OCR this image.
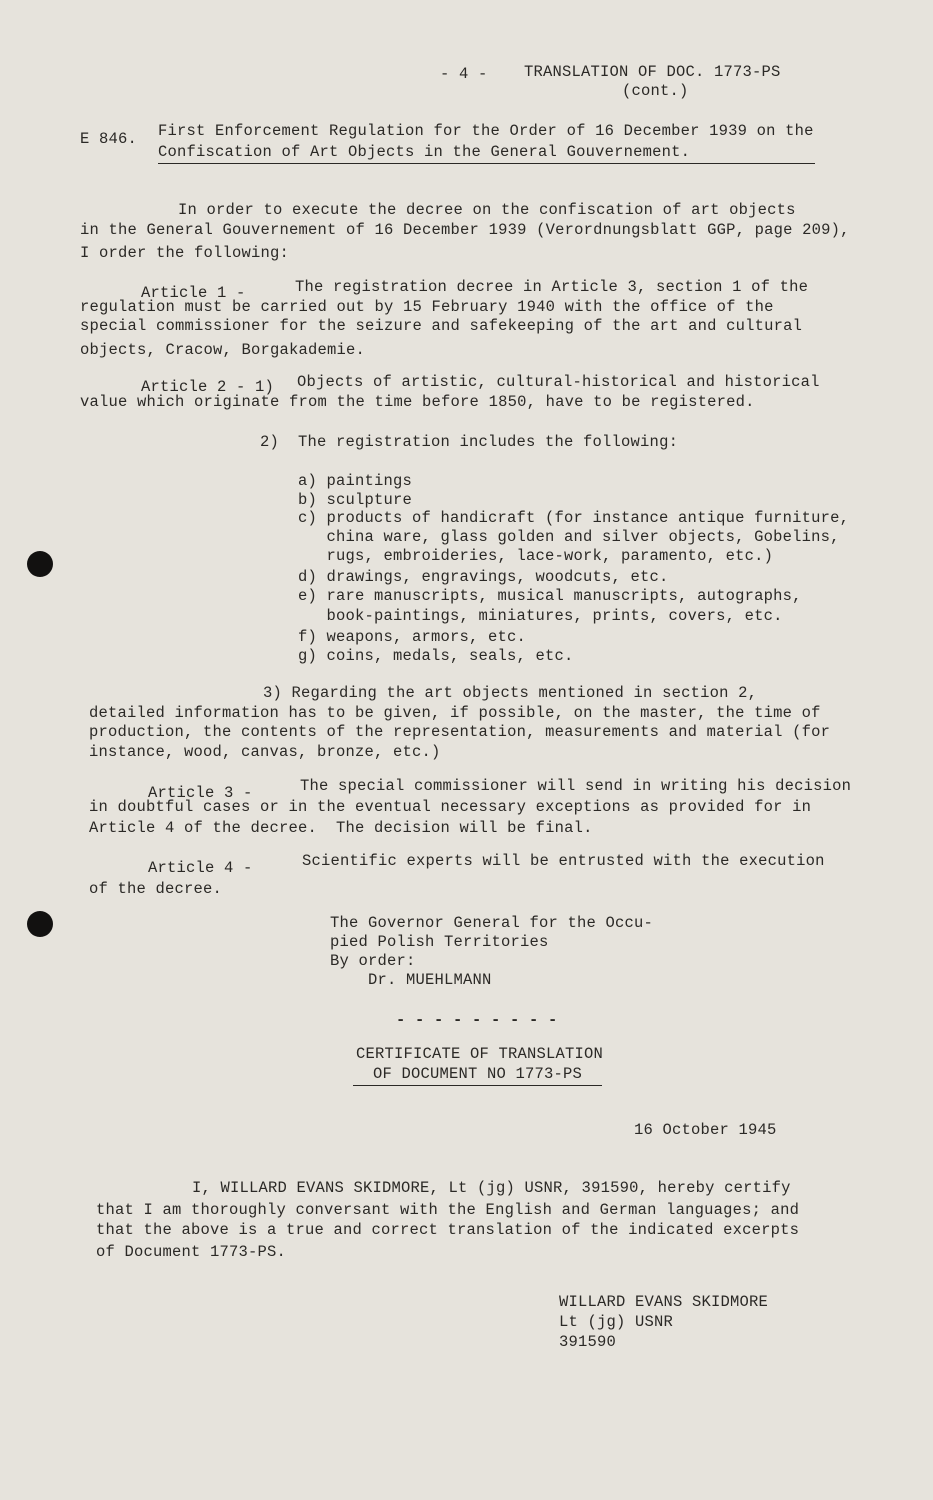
- 4 - TRANSLATION OF DOC. 1773-PS
(cont.)
E 846. First Enforcement Regulation for the Order of 16 December 1939 on the
Confiscation of Art Objects in the General Gouvernement.
In order to execute the decree on the confiscation of art objects
in the General Gouvernement of 16 December 1939 (Verordnungsblatt GGP, page 209),
I order the following:
Article 1 -	The registration decree in Article 3, section 1 of the
regulation must be carried out by 15 February 1940 with the office of the
special commissioner for the seizure and safekeeping of the art and cultural
objects, Cracow, Borgakademie.
Article 2 - 1) Objects of artistic, cultural-historical and historical
value which originate from the time before 1850, have to be registered.
2)  The registration includes the following:
a) paintings
b) sculpture
c) products of handicraft (for instance antique furniture,
china ware, glass golden and silver objects, Gobelins,
rugs, embroideries, lace-work, paramento, etc.)
d) drawings, engravings, woodcuts, etc.
e) rare manuscripts, musical manuscripts, autographs,
book-paintings, miniatures, prints, covers, etc.
f) weapons, armors, etc.
g) coins, medals, seals, etc.
3) Regarding the art objects mentioned in section 2,
detailed information has to be given, if possible, on the master, the time of
production, the contents of the representation, measurements and material (for
instance, wood, canvas, bronze, etc.)
Article 3 -	The special commissioner will send in writing his decision
in doubtful cases or in the eventual necessary exceptions as provided for in
Article 4 of the decree.  The decision will be final.
Article 4 -	Scientific experts will be entrusted with the execution
of the decree.
The Governor General for the Occu-
pied Polish Territories
By order:
Dr. MUEHLMANN
- - - - - - - - -
CERTIFICATE OF TRANSLATION
OF DOCUMENT NO 1773-PS
16 October 1945
I, WILLARD EVANS SKIDMORE, Lt (jg) USNR, 391590, hereby certify
that I am thoroughly conversant with the English and German languages; and
that the above is a true and correct translation of the indicated excerpts
of Document 1773-PS.
WILLARD EVANS SKIDMORE
Lt (jg) USNR
391590
